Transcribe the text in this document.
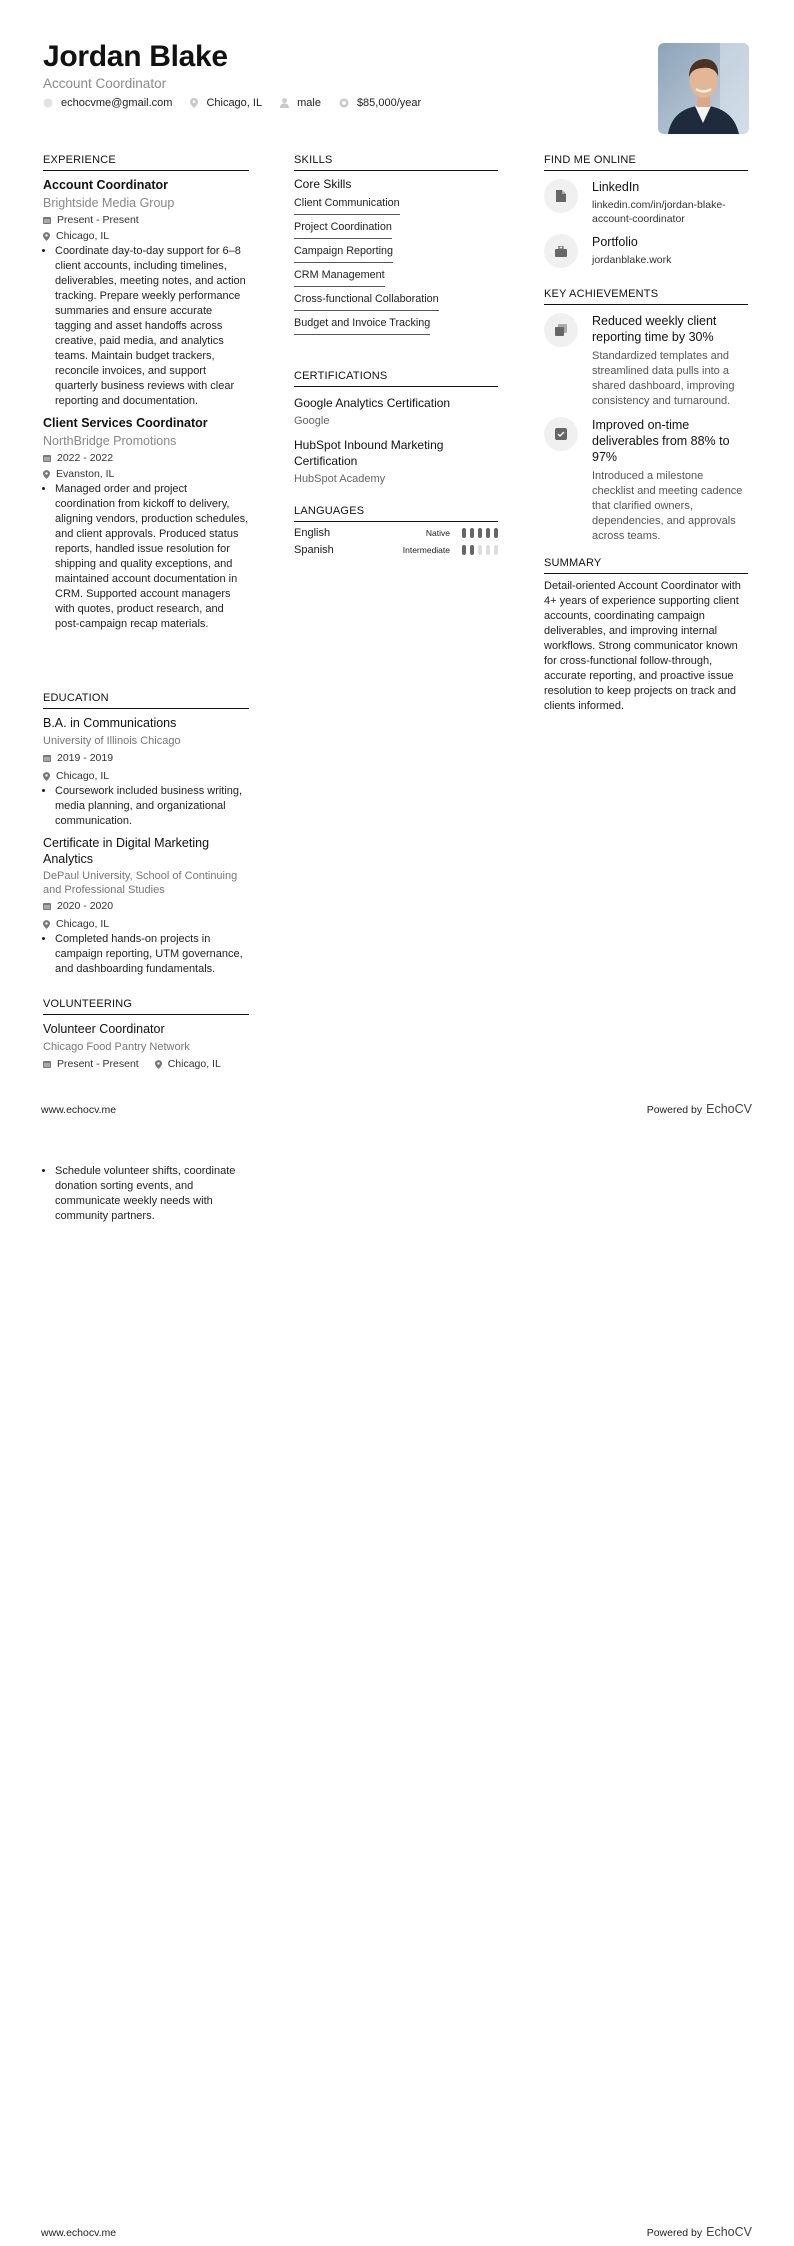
Jordan Blake
Account Coordinator
echocvme@gmail.com	Chicago, IL	male	$85,000/year
EXPERIENCE
Account Coordinator
Brightside Media Group
Present - Present
Chicago, IL
• Coordinate day-to-day support for 6–8 client accounts, including timelines, deliverables, meeting notes, and action tracking. Prepare weekly performance summaries and ensure accurate tagging and asset handoffs across creative, paid media, and analytics teams. Maintain budget trackers, reconcile invoices, and support quarterly business reviews with clear reporting and documentation.
Client Services Coordinator
NorthBridge Promotions
2022 - 2022
Evanston, IL
• Managed order and project coordination from kickoff to delivery, aligning vendors, production schedules, and client approvals. Produced status reports, handled issue resolution for shipping and quality exceptions, and maintained account documentation in CRM. Supported account managers with quotes, product research, and post-campaign recap materials.
EDUCATION
B.A. in Communications
University of Illinois Chicago
2019 - 2019
Chicago, IL
• Coursework included business writing, media planning, and organizational communication.
Certificate in Digital Marketing Analytics
DePaul University, School of Continuing and Professional Studies
2020 - 2020
Chicago, IL
• Completed hands-on projects in campaign reporting, UTM governance, and dashboarding fundamentals.
VOLUNTEERING
Volunteer Coordinator
Chicago Food Pantry Network
Present - Present	Chicago, IL
• Schedule volunteer shifts, coordinate donation sorting events, and communicate weekly needs with community partners.
SKILLS
Core Skills
Client Communication
Project Coordination
Campaign Reporting
CRM Management
Cross-functional Collaboration
Budget and Invoice Tracking
CERTIFICATIONS
Google Analytics Certification
Google
HubSpot Inbound Marketing Certification
HubSpot Academy
LANGUAGES
English	Native
Spanish	Intermediate
FIND ME ONLINE
LinkedIn
linkedin.com/in/jordan-blake-account-coordinator
Portfolio
jordanblake.work
KEY ACHIEVEMENTS
Reduced weekly client reporting time by 30%
Standardized templates and streamlined data pulls into a shared dashboard, improving consistency and turnaround.
Improved on-time deliverables from 88% to 97%
Introduced a milestone checklist and meeting cadence that clarified owners, dependencies, and approvals across teams.
SUMMARY
Detail-oriented Account Coordinator with 4+ years of experience supporting client accounts, coordinating campaign deliverables, and improving internal workflows. Strong communicator known for cross-functional follow-through, accurate reporting, and proactive issue resolution to keep projects on track and clients informed.
www.echocv.me	Powered by EchoCV
www.echocv.me	Powered by EchoCV
